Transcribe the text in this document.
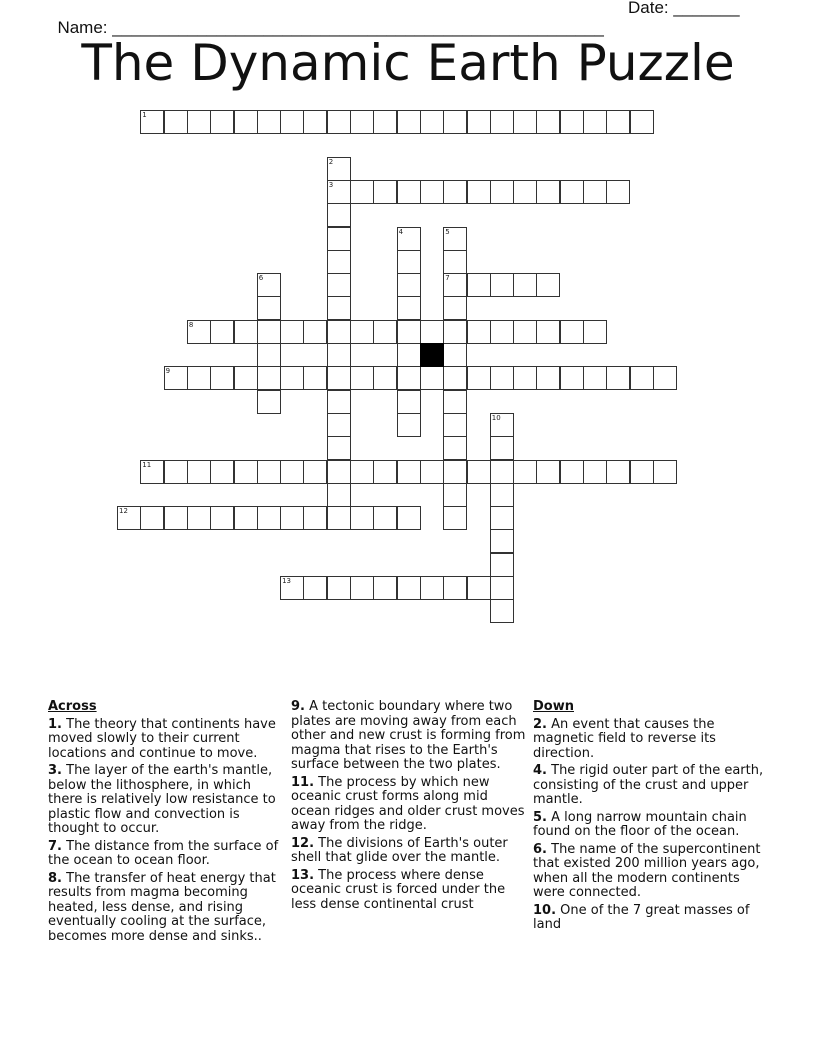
Name: ____________________________________________________

Date: _______

The Dynamic Earth Puzzle
1
2
3
4	5
7
6
8
9
10
11
12
13
Across
1. The theory that continents have moved slowly to their current locations and continue to move.
3. The layer of the earth's mantle, below the lithosphere, in which there is relatively low resistance to plastic flow and convection is thought to occur.
7. The distance from the surface of the ocean to ocean floor.
8. The transfer of heat energy that results from magma becoming heated, less dense, and rising eventually cooling at the surface, becomes more dense and sinks..
9. A tectonic boundary where two plates are moving away from each other and new crust is forming from magma that rises to the Earth's surface between the two plates.
11. The process by which new oceanic crust forms along mid ocean ridges and older crust moves away from the ridge.
12. The divisions of Earth's outer shell that glide over the mantle.
13. The process where dense oceanic crust is forced under the less dense continental crust
Down
2. An event that causes the magnetic field to reverse its direction.
4. The rigid outer part of the earth, consisting of the crust and upper mantle.
5. A long narrow mountain chain found on the floor of the ocean.
6. The name of the supercontinent that existed 200 million years ago, when all the modern continents were connected.
10. One of the 7 great masses of land
